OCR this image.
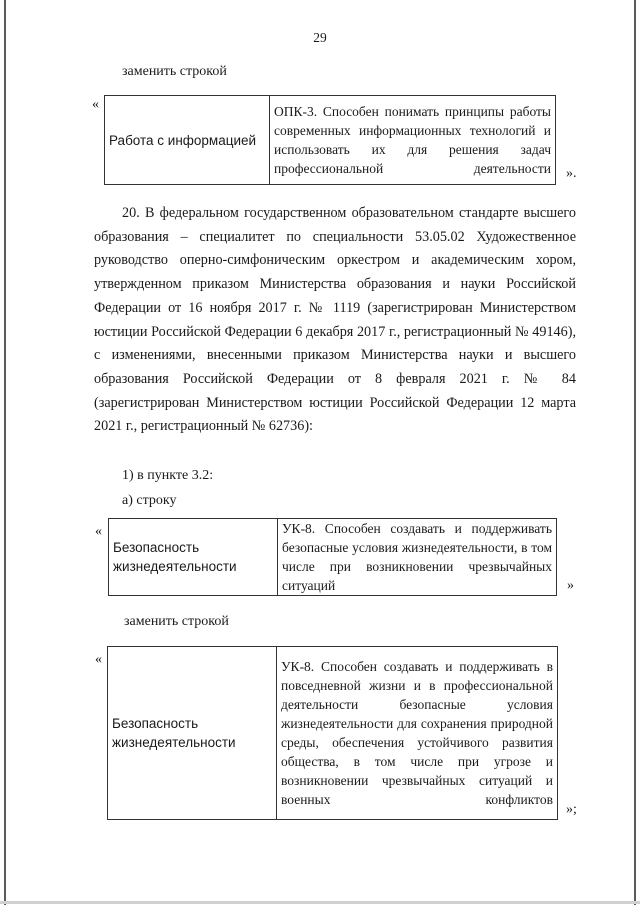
29
заменить строкой
«
Работа с информацией	ОПК-3. Способен понимать принципы работы современных информационных технологий и использовать их для решения задач профессиональной деятельности ».

20. В федеральном государственном образовательном стандарте высшего образования – специалитет по специальности 53.05.02 Художественное руководство оперно-симфоническим оркестром и академическим хором, утвержденном приказом Министерства образования и науки Российской Федерации от 16 ноября 2017 г. № 1119 (зарегистрирован Министерством юстиции Российской Федерации 6 декабря 2017 г., регистрационный № 49146), с изменениями, внесенными приказом Министерства науки и высшего образования Российской Федерации от 8 февраля 2021 г. № 84 (зарегистрирован Министерством юстиции Российской Федерации 12 марта 2021 г., регистрационный № 62736):

1) в пункте 3.2:
а) строку
«
Безопасность жизнедеятельности	УК-8. Способен создавать и поддерживать безопасные условия жизнедеятельности, в том числе при возникновении чрезвычайных ситуаций	»
заменить строкой
«
Безопасность жизнедеятельности	УК-8. Способен создавать и поддерживать в повседневной жизни и в профессиональной деятельности безопасные условия жизнедеятельности для сохранения природной среды, обеспечения устойчивого развития общества, в том числе при угрозе и возникновении чрезвычайных ситуаций и военных конфликтов
»;
